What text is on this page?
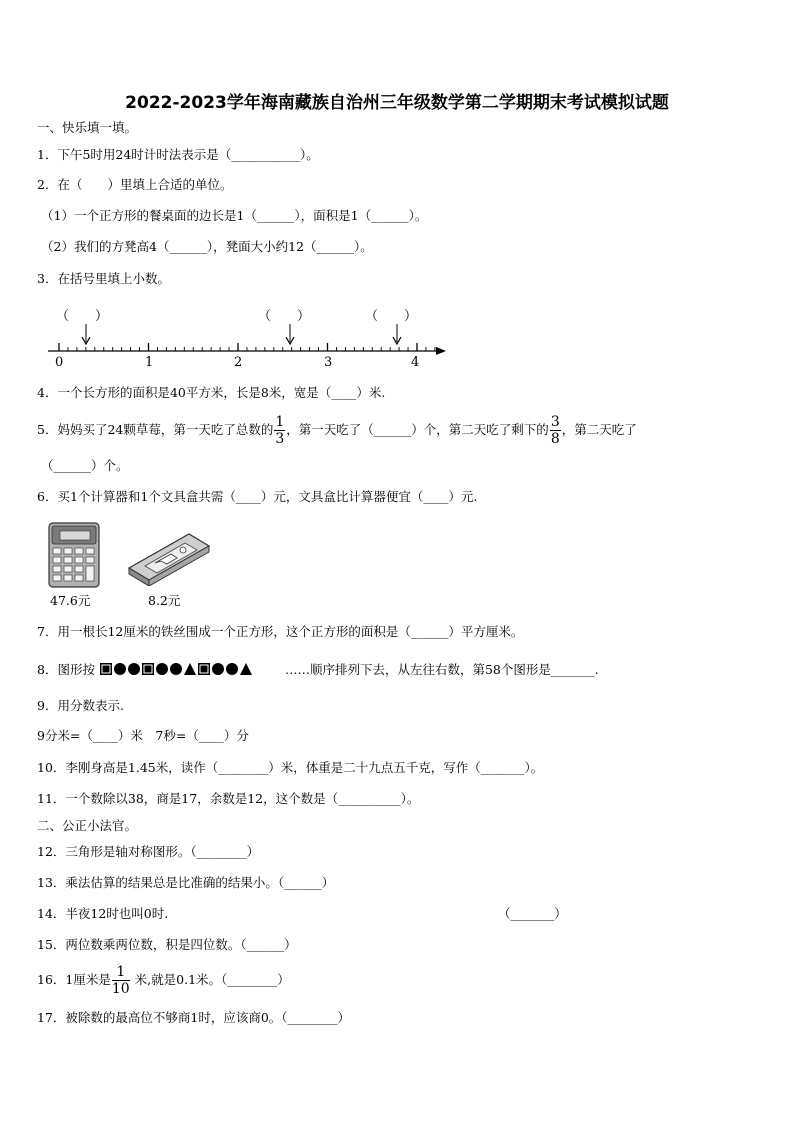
2022-2023学年海南藏族自治州三年级数学第二学期期末考试模拟试题
一、快乐填一填。
1．下午5时用24时计时法表示是（___________）。
2．在（　　）里填上合适的单位。
（1）一个正方形的餐桌面的边长是1（______），面积是1（______）。
（2）我们的方凳高4（______），凳面大小约12（______）。
3．在括号里填上小数。
（　　）	（　　）	（　　）
0	1	2	3	4
4．一个长方形的面积是40平方米，长是8米，宽是（____）米.
5．妈妈买了24颗草莓，第一天吃了总数的 $\frac{1}{3}$ ，第一天吃了（______）个，第二天吃了剩下的 $\frac{3}{8}$ ，第二天吃了
（______）个。
6．买1个计算器和1个文具盒共需（____）元，文具盒比计算器便宜（____）元.
47.6元	8.2元
7．用一根长12厘米的铁丝围成一个正方形，这个正方形的面积是（______）平方厘米。
8．图形按	……顺序排列下去，从左往右数，第58个图形是_______.
9．用分数表示.
9分米=（____）米　7秒=（____）分
10．李刚身高是1.45米，读作（________）米，体重是二十九点五千克，写作（_______）。
11．一个数除以38，商是17，余数是12，这个数是（__________）。
二、公正小法官。
12．三角形是轴对称图形。（________）
13．乘法估算的结果总是比准确的结果小。（______）
14．半夜12时也叫0时.	（_______）
15．两位数乘两位数，积是四位数。（______）
16．1厘米是 $\frac{1}{10}$ 米,就是0.1米。（________）
17．被除数的最高位不够商1时，应该商0。（________）
